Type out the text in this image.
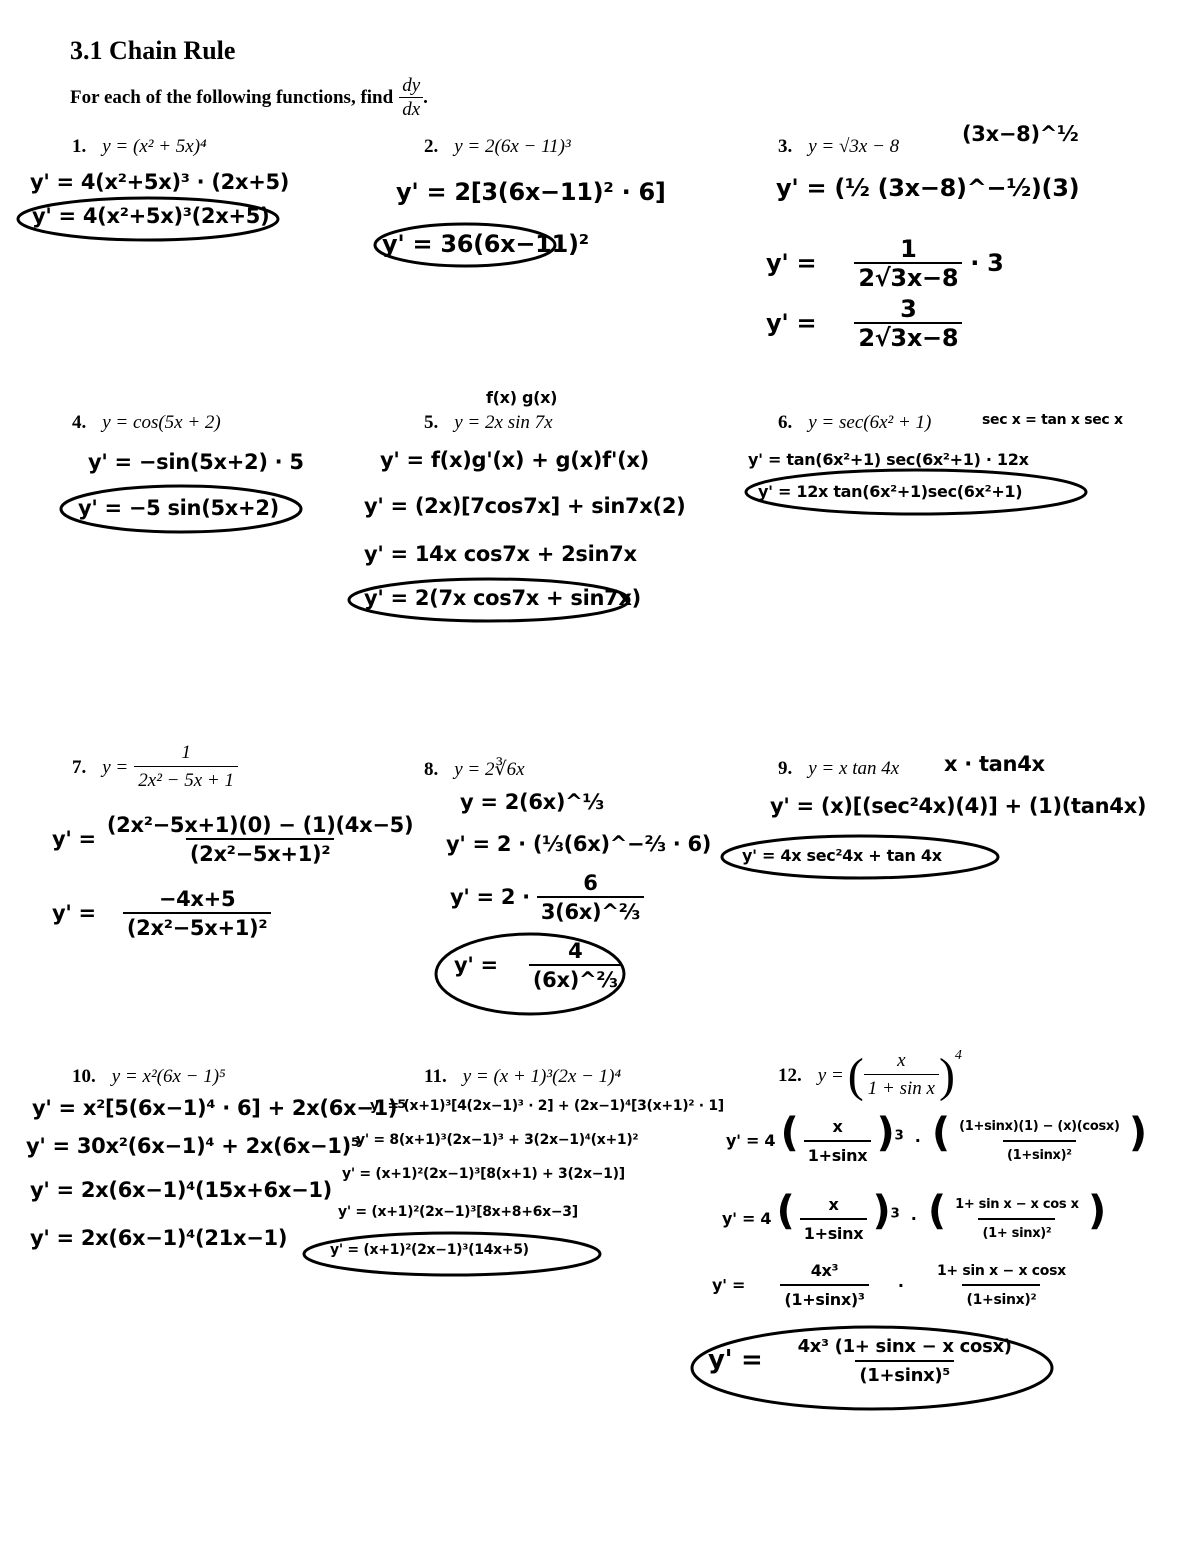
3.1 Chain Rule
For each of the following functions, find $\frac{dy}{dx}$ .
1. y = (x² + 5x)⁴
y' = 4(x²+5x)³ · (2x+5)
y' = 4(x²+5x)³(2x+5)
2. y = 2(6x − 11)³
y' = 2[3(6x−11)² · 6]
y' = 36(6x−11)²
3. y = √3x − 8
(3x−8)^½
y' = (½ (3x−8)^−½)(3)
$y' = \frac{1}{2√3x-8} \cdot 3$
$y' = \frac{3}{2√3x-8}$
4. y = cos(5x + 2)
y' = −sin(5x+2) · 5
y' = −5 sin(5x+2)
f(x) g(x)
5. y = 2x sin 7x
y' = f(x)g'(x) + g(x)f'(x)
y' = (2x)[7cos7x] + sin7x(2)
y' = 14x cos7x + 2sin7x
y' = 2(7x cos7x + sin7x)
6. y = sec(6x² + 1)	sec x = tan x sec x
y' = tan(6x²+1) sec(6x²+1) · 12x
y' = 12x tan(6x²+1)sec(6x²+1)
7. $y = \frac{1}{\text{2x² − 5x + 1}}$
$y' = \frac{\text{(2x²−5x+1)(0) − (1)(4x−5)}}{\text{(2x²−5x+1)²}}$
$y' = \frac{-4x+5}{\text{(2x²−5x+1)²}}$
8. y = 2∛6x
y = 2(6x)^⅓
y' = 2 · (⅓(6x)^−⅔ · 6)
$y' = 2 \cdot \frac{6}{\text{3(6x)\textasciicircum{}⅔}}$
$y' = \frac{4}{\text{(6x)\textasciicircum{}⅔}}$
9. y = x tan 4x x · tan4x
y' = (x)[(sec²4x)(4)] + (1)(tan4x)
y' = 4x sec²4x + tan 4x
10. y = x²(6x − 1)⁵
y' = x²[5(6x−1)⁴ · 6] + 2x(6x−1)⁵
y' = 30x²(6x−1)⁴ + 2x(6x−1)⁵
y' = 2x(6x−1)⁴(15x+6x−1)
y' = 2x(6x−1)⁴(21x−1)
11. y = (x + 1)³(2x − 1)⁴
y' = (x+1)³[4(2x−1)³ · 2] + (2x−1)⁴[3(x+1)² · 1]
y' = 8(x+1)³(2x−1)³ + 3(2x−1)⁴(x+1)²
y' = (x+1)²(2x−1)³[8(x+1) + 3(2x−1)]
y' = (x+1)²(2x−1)³[8x+8+6x−3]
y' = (x+1)²(2x−1)³(14x+5)
12. y = ( $\frac{x}{\text{1 + sin x}} )^4$
y' = 4 ( $\frac{x}{1+\sin x} )^3$ · ( $\frac{(1+\sin x)(1) - (x)(\cos x)}{\text{(1+sinx)²}}$ )
y' = 4 ( $\frac{x}{1+\sin x} )^3$ · ( $\frac{\text{1+ sin x − x cos x}}{\text{(1+ sinx)²}}$ )
$y' = \frac{\text{4x³}}{\text{(1+sinx)³}} \cdot \frac{\text{1+ sin x − x cosx}}{\text{(1+sinx)²}}$
$y' = \frac{\text{4x³ (1+ sinx − x cosx)}}{\text{(1+sinx)⁵}}$
